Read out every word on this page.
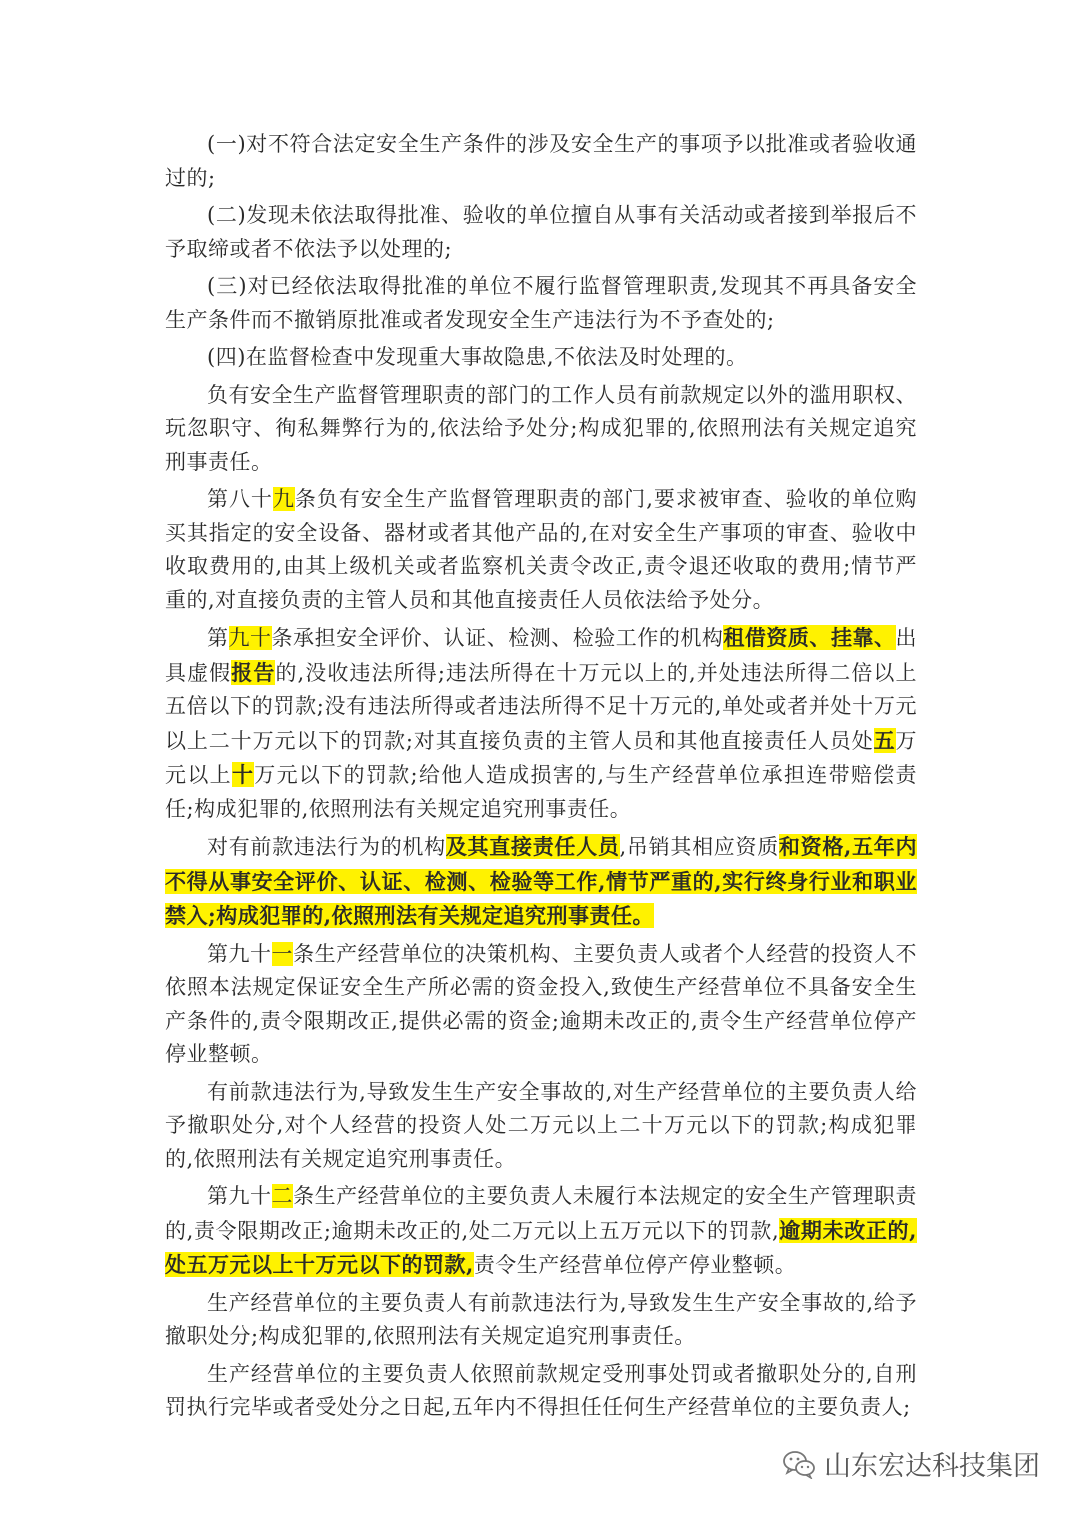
(一)对不符合法定安全生产条件的涉及安全生产的事项予以批准或者验收通过的;

(二)发现未依法取得批准、验收的单位擅自从事有关活动或者接到举报后不予取缔或者不依法予以处理的;

(三)对已经依法取得批准的单位不履行监督管理职责,发现其不再具备安全生产条件而不撤销原批准或者发现安全生产违法行为不予查处的;

(四)在监督检查中发现重大事故隐患,不依法及时处理的。

负有安全生产监督管理职责的部门的工作人员有前款规定以外的滥用职权、玩忽职守、徇私舞弊行为的,依法给予处分;构成犯罪的,依照刑法有关规定追究刑事责任。

第八十九条负有安全生产监督管理职责的部门,要求被审查、验收的单位购买其指定的安全设备、器材或者其他产品的,在对安全生产事项的审查、验收中收取费用的,由其上级机关或者监察机关责令改正,责令退还收取的费用;情节严重的,对直接负责的主管人员和其他直接责任人员依法给予处分。

第九十条承担安全评价、认证、检测、检验工作的机构租借资质、挂靠、出具虚假报告的,没收违法所得;违法所得在十万元以上的,并处违法所得二倍以上五倍以下的罚款;没有违法所得或者违法所得不足十万元的,单处或者并处十万元以上二十万元以下的罚款;对其直接负责的主管人员和其他直接责任人员处五万元以上十万元以下的罚款;给他人造成损害的,与生产经营单位承担连带赔偿责任;构成犯罪的,依照刑法有关规定追究刑事责任。

对有前款违法行为的机构及其直接责任人员,吊销其相应资质和资格,五年内不得从事安全评价、认证、检测、检验等工作,情节严重的,实行终身行业和职业禁入;构成犯罪的,依照刑法有关规定追究刑事责任。

第九十一条生产经营单位的决策机构、主要负责人或者个人经营的投资人不依照本法规定保证安全生产所必需的资金投入,致使生产经营单位不具备安全生产条件的,责令限期改正,提供必需的资金;逾期未改正的,责令生产经营单位停产停业整顿。

有前款违法行为,导致发生生产安全事故的,对生产经营单位的主要负责人给予撤职处分,对个人经营的投资人处二万元以上二十万元以下的罚款;构成犯罪的,依照刑法有关规定追究刑事责任。

第九十二条生产经营单位的主要负责人未履行本法规定的安全生产管理职责的,责令限期改正;逾期未改正的,处二万元以上五万元以下的罚款,逾期未改正的,处五万元以上十万元以下的罚款,责令生产经营单位停产停业整顿。

生产经营单位的主要负责人有前款违法行为,导致发生生产安全事故的,给予撤职处分;构成犯罪的,依照刑法有关规定追究刑事责任。

生产经营单位的主要负责人依照前款规定受刑事处罚或者撤职处分的,自刑罚执行完毕或者受处分之日起,五年内不得担任任何生产经营单位的主要负责人;

山东宏达科技集团
